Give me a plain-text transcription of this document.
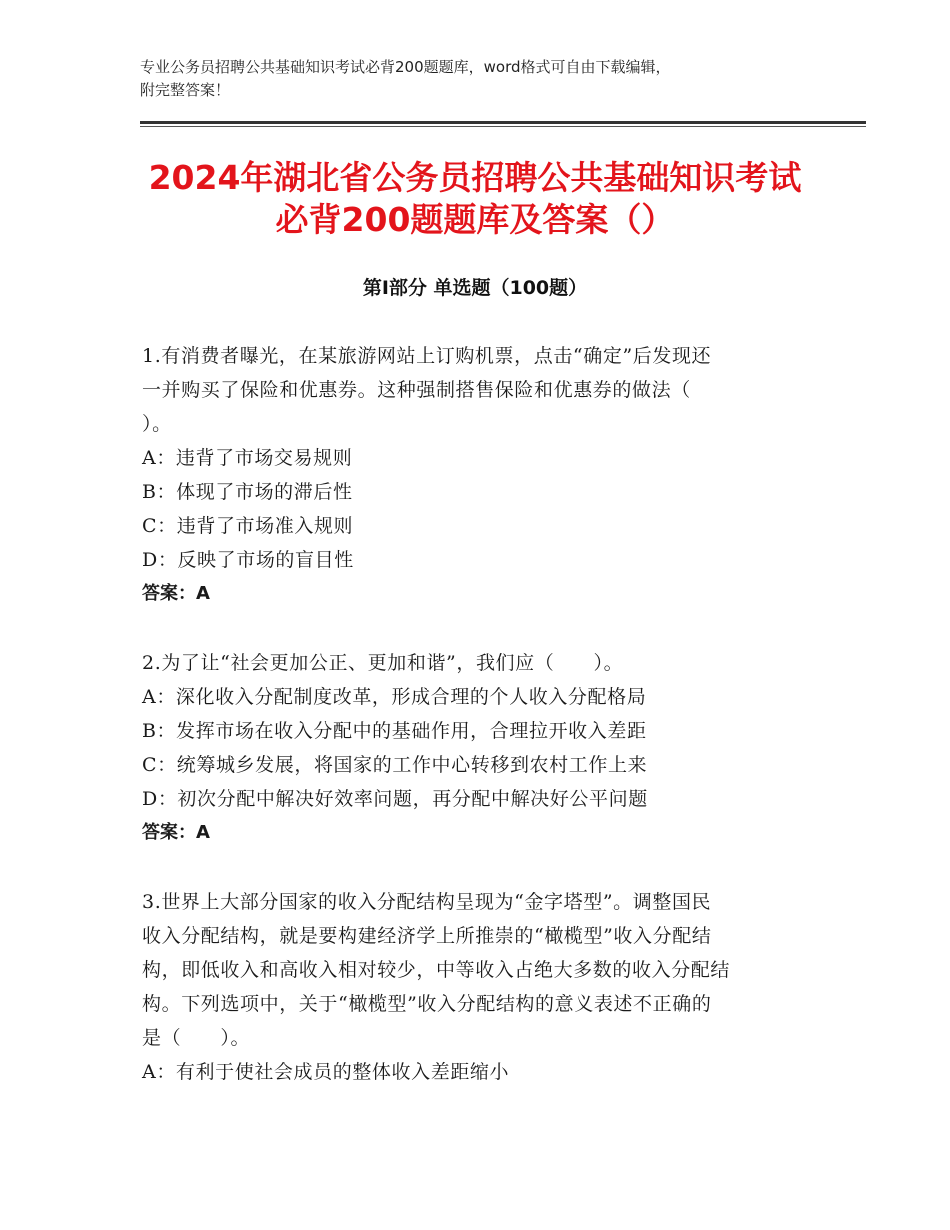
专业公务员招聘公共基础知识考试必背200题题库，word格式可自由下载编辑，
附完整答案！
2024年湖北省公务员招聘公共基础知识考试
必背200题题库及答案（）
第I部分 单选题（100题）
1.有消费者曝光，在某旅游网站上订购机票，点击“确定”后发现还
一并购买了保险和优惠券。这种强制搭售保险和优惠券的做法（
）。
A：违背了市场交易规则
B：体现了市场的滞后性
C：违背了市场准入规则
D：反映了市场的盲目性
答案：A
2.为了让“社会更加公正、更加和谐”，我们应（　　）。
A：深化收入分配制度改革，形成合理的个人收入分配格局
B：发挥市场在收入分配中的基础作用，合理拉开收入差距
C：统筹城乡发展，将国家的工作中心转移到农村工作上来
D：初次分配中解决好效率问题，再分配中解决好公平问题
答案：A
3.世界上大部分国家的收入分配结构呈现为“金字塔型”。调整国民
收入分配结构，就是要构建经济学上所推崇的“橄榄型”收入分配结
构，即低收入和高收入相对较少，中等收入占绝大多数的收入分配结
构。下列选项中，关于“橄榄型”收入分配结构的意义表述不正确的
是（　　）。
A：有利于使社会成员的整体收入差距缩小
